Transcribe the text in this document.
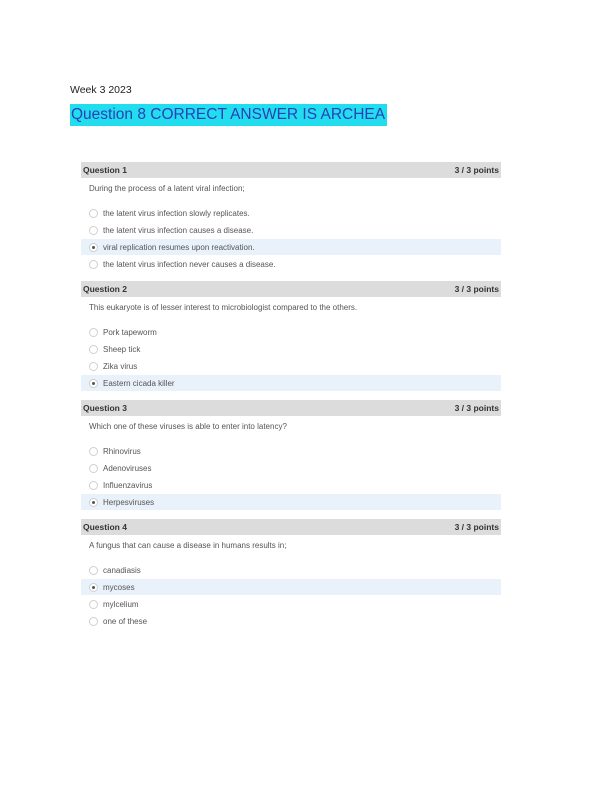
Week 3 2023
Question 8 CORRECT ANSWER IS ARCHEA
Question 1	3 / 3 points
During the process of a latent viral infection;
the latent virus infection slowly replicates.
the latent virus infection causes a disease.
viral replication resumes upon reactivation.
the latent virus infection never causes a disease.
Question 2	3 / 3 points
This eukaryote is of lesser interest to microbiologist compared to the others.
Pork tapeworm
Sheep tick
Zika virus
Eastern cicada killer
Question 3	3 / 3 points
Which one of these viruses is able to enter into latency?
Rhinovirus
Adenoviruses
Influenzavirus
Herpesviruses
Question 4	3 / 3 points
A fungus that can cause a disease in humans results in;
canadiasis
mycoses
mylcelium
one of these
